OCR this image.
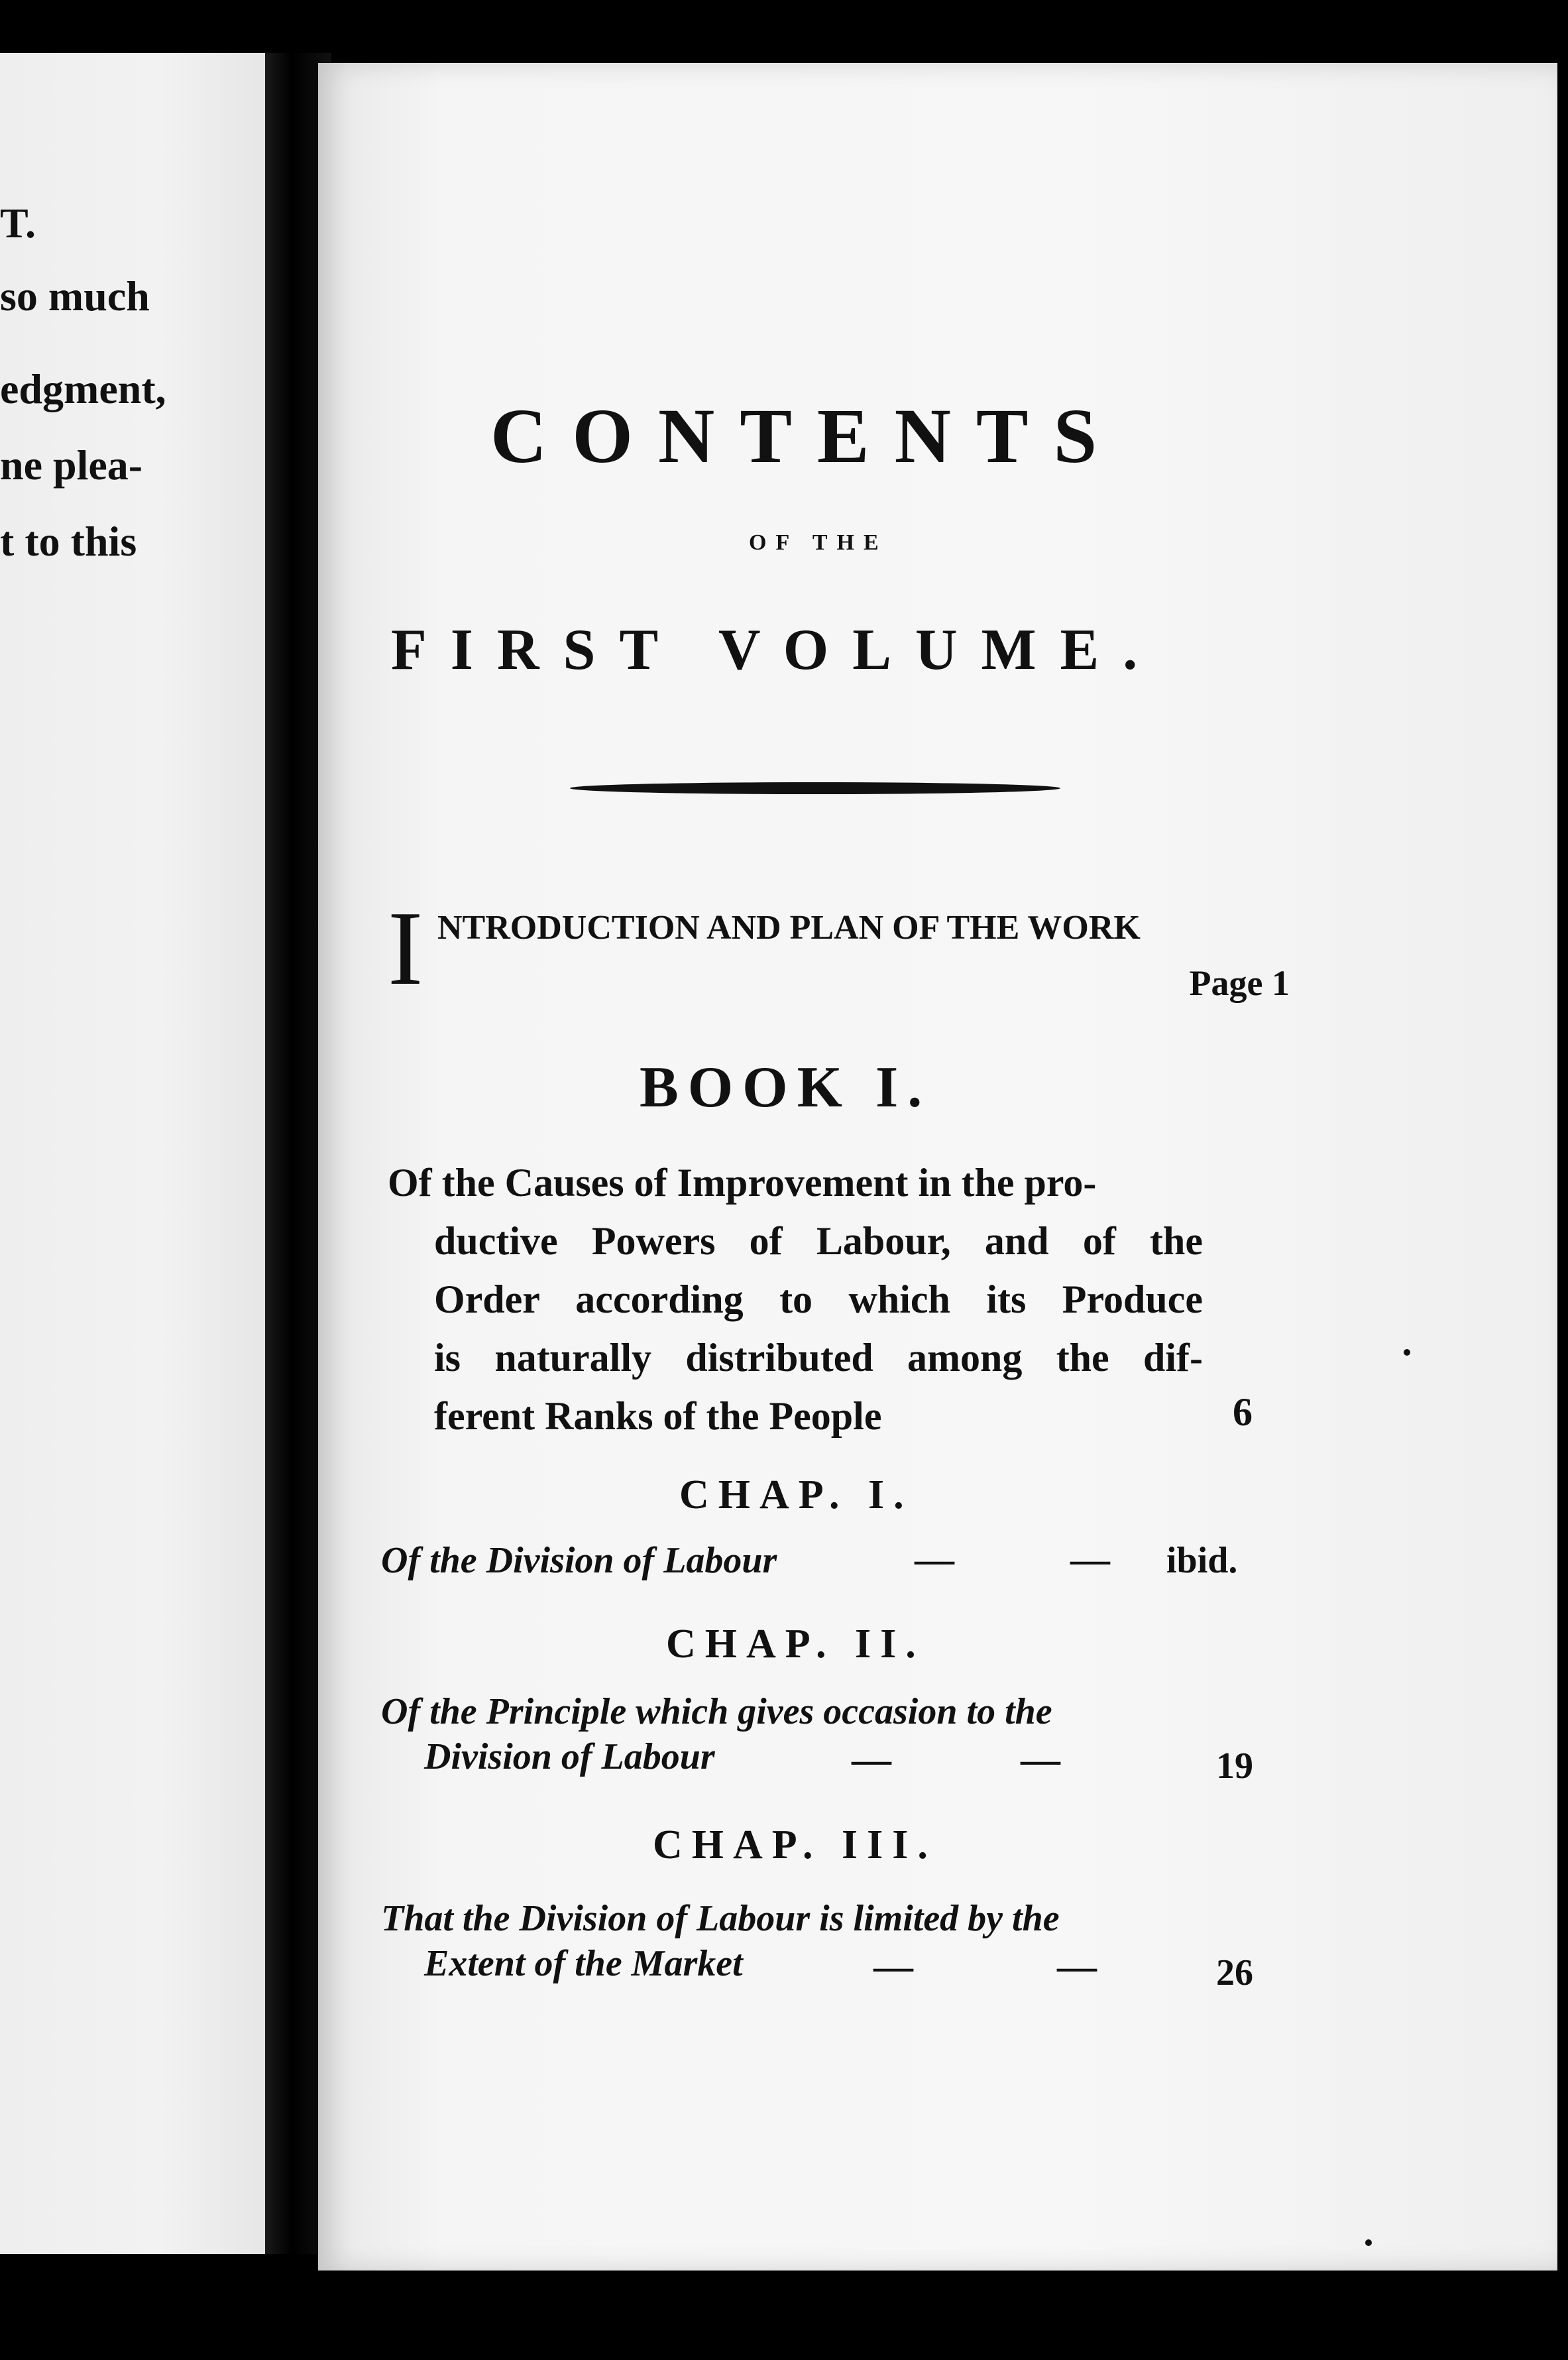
T.
so much
edgment,
ne plea-
t to this
CONTENTS
OF THE
FIRST VOLUME.
I NTRODUCTION AND PLAN OF THE WORK
Page 1
BOOK I.
Of the Causes of Improvement in the pro-
ductive Powers of Labour, and of the
Order according to which its Produce
is naturally distributed among the dif-
ferent Ranks of the People	6
CHAP. I.
Of the Division of Labour	—	— ibid.
CHAP. II.
Of the Principle which gives occasion to the
Division of Labour	—	—	19
CHAP. III.
That the Division of Labour is limited by the
Extent of the Market	—	—	26
